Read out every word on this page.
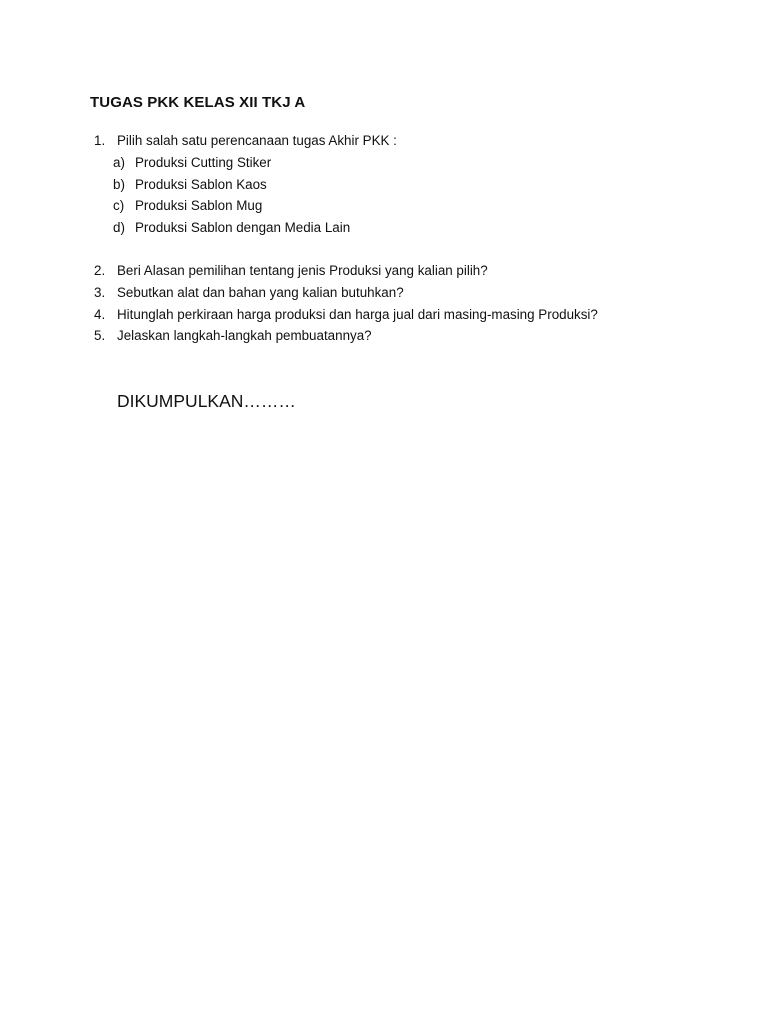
TUGAS PKK KELAS XII TKJ A
1. Pilih salah satu perencanaan tugas Akhir PKK :
a) Produksi Cutting Stiker
b) Produksi Sablon Kaos
c) Produksi Sablon Mug
d) Produksi Sablon dengan Media Lain
2. Beri Alasan pemilihan tentang jenis Produksi yang kalian pilih?
3. Sebutkan alat dan bahan yang kalian butuhkan?
4. Hitunglah perkiraan harga produksi dan harga jual dari masing-masing Produksi?
5. Jelaskan langkah-langkah pembuatannya?
DIKUMPULKAN………
